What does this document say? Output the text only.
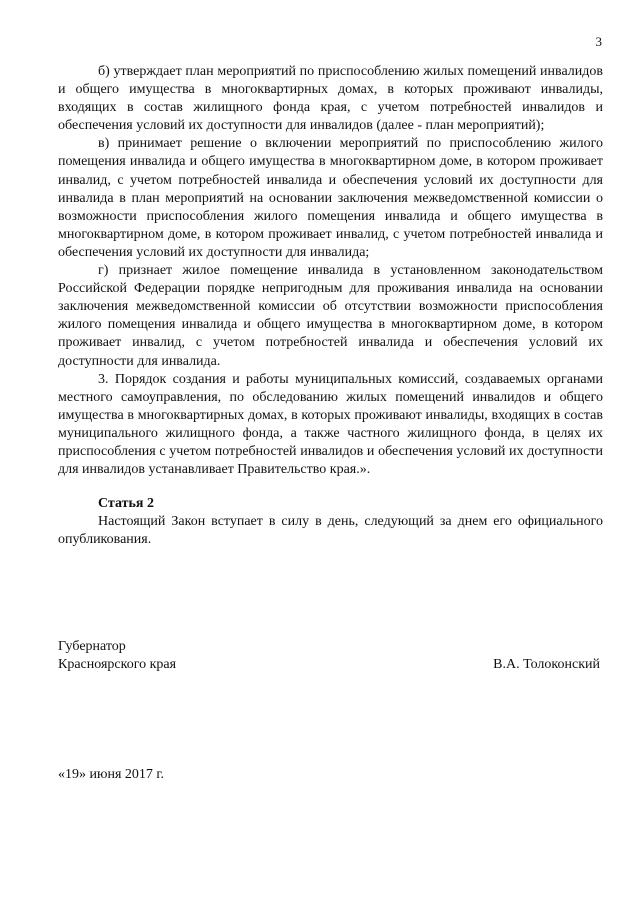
3

б) утверждает план мероприятий по приспособлению жилых помещений инвалидов и общего имущества в многоквартирных домах, в которых проживают инвалиды, входящих в состав жилищного фонда края, с учетом потребностей инвалидов и обеспечения условий их доступности для инвалидов (далее - план мероприятий);

в) принимает решение о включении мероприятий по приспособлению жилого помещения инвалида и общего имущества в многоквартирном доме, в котором проживает инвалид, с учетом потребностей инвалида и обеспечения условий их доступности для инвалида в план мероприятий на основании заключения межведомственной комиссии о возможности приспособления жилого помещения инвалида и общего имущества в многоквартирном доме, в котором проживает инвалид, с учетом потребностей инвалида и обеспечения условий их доступности для инвалида;

г) признает жилое помещение инвалида в установленном законодательством Российской Федерации порядке непригодным для проживания инвалида на основании заключения межведомственной комиссии об отсутствии возможности приспособления жилого помещения инвалида и общего имущества в многоквартирном доме, в котором проживает инвалид, с учетом потребностей инвалида и обеспечения условий их доступности для инвалида.

3. Порядок создания и работы муниципальных комиссий, создаваемых органами местного самоуправления, по обследованию жилых помещений инвалидов и общего имущества в многоквартирных домах, в которых проживают инвалиды, входящих в состав муниципального жилищного фонда, а также частного жилищного фонда, в целях их приспособления с учетом потребностей инвалидов и обеспечения условий их доступности для инвалидов устанавливает Правительство края.».

Статья 2

Настоящий Закон вступает в силу в день, следующий за днем его официального опубликования.

Губернатор
Красноярского края	В.А. Толоконский
«19» июня 2017 г.
